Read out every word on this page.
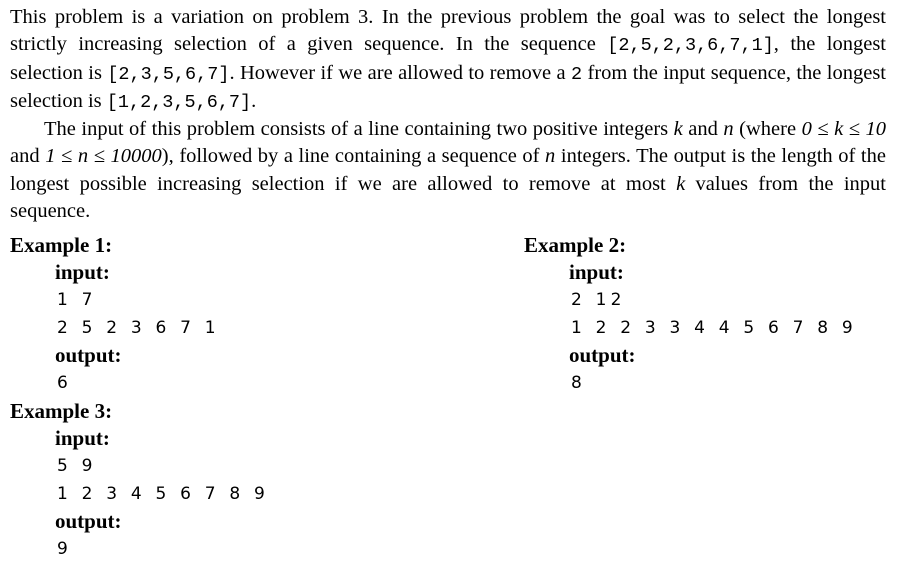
This problem is a variation on problem 3. In the previous problem the goal was to select the longest strictly increasing selection of a given sequence. In the sequence [2,5,2,3,6,7,1], the longest selection is [2,3,5,6,7]. However if we are allowed to remove a 2 from the input sequence, the longest selection is [1,2,3,5,6,7].

The input of this problem consists of a line containing two positive integers k and n (where 0 ≤ k ≤ 10 and 1 ≤ n ≤ 10000), followed by a line containing a sequence of n integers. The output is the length of the longest possible increasing selection if we are allowed to remove at most k values from the input sequence.

Example 1:

input:

1 7

2 5 2 3 6 7 1

output:

6

Example 2:

input:

2 12

1 2 2 3 3 4 4 5 6 7 8 9

output:

8

Example 3:

input:

5 9

1 2 3 4 5 6 7 8 9

output:

9
